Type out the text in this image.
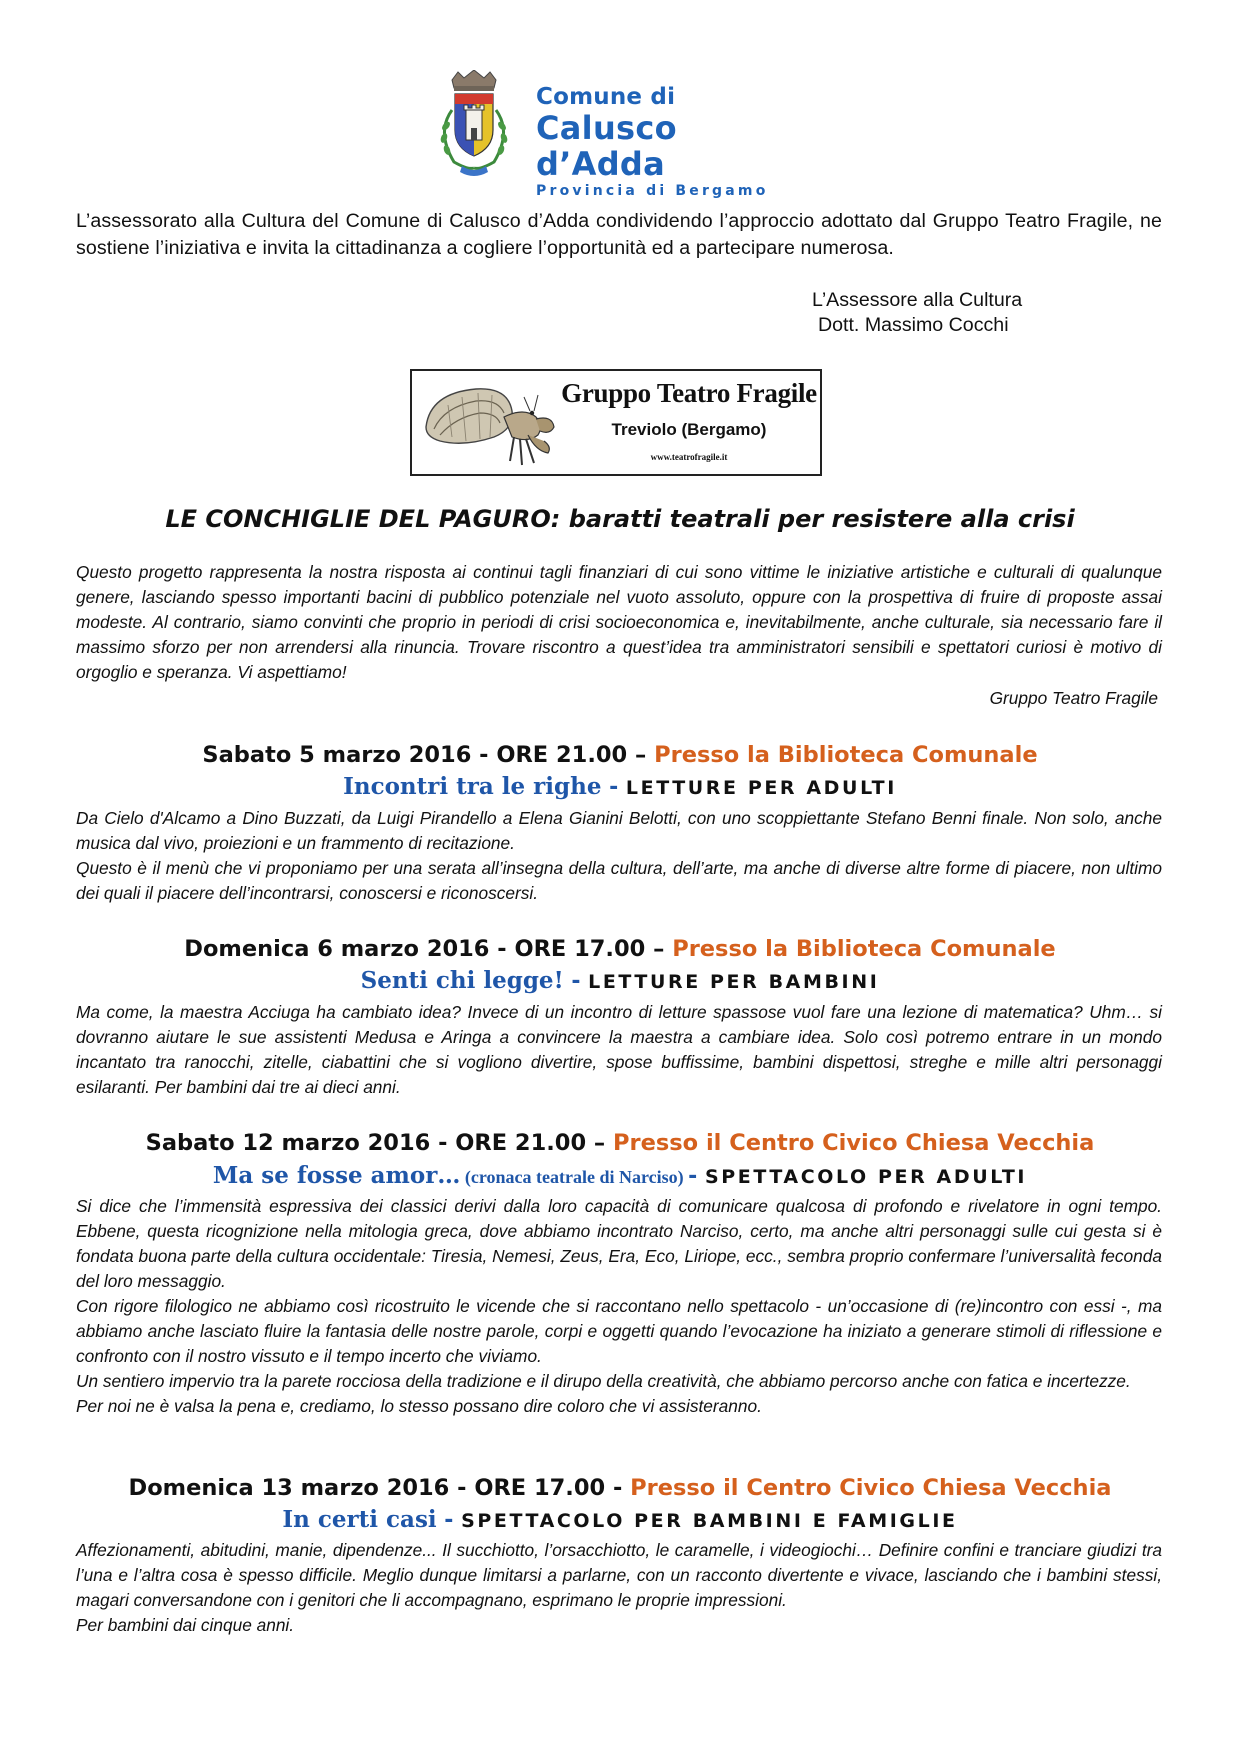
Comune di
Calusco d’Adda
Provincia di Bergamo
L’assessorato alla Cultura del Comune di Calusco d’Adda condividendo l’approccio adottato dal Gruppo Teatro Fragile, ne sostiene l’iniziativa e invita la cittadinanza a cogliere l’opportunità ed a partecipare numerosa.
L’Assessore alla Cultura
Dott. Massimo Cocchi
Gruppo Teatro Fragile
Treviolo (Bergamo)
www.teatrofragile.it
LE CONCHIGLIE DEL PAGURO: baratti teatrali per resistere alla crisi
Questo progetto rappresenta la nostra risposta ai continui tagli finanziari di cui sono vittime le iniziative artistiche e culturali di qualunque genere, lasciando spesso importanti bacini di pubblico potenziale nel vuoto assoluto, oppure con la prospettiva di fruire di proposte assai modeste. Al contrario, siamo convinti che proprio in periodi di crisi socioeconomica e, inevitabilmente, anche culturale, sia necessario fare il massimo sforzo per non arrendersi alla rinuncia. Trovare riscontro a quest’idea tra amministratori sensibili e spettatori curiosi è motivo di orgoglio e speranza. Vi aspettiamo!
Gruppo Teatro Fragile
Sabato 5 marzo 2016 - ORE 21.00 – Presso la Biblioteca Comunale
Incontri tra le righe - LETTURE PER ADULTI

Da Cielo d'Alcamo a Dino Buzzati, da Luigi Pirandello a Elena Gianini Belotti, con uno scoppiettante Stefano Benni finale. Non solo, anche musica dal vivo, proiezioni e un frammento di recitazione.

Questo è il menù che vi proponiamo per una serata all’insegna della cultura, dell’arte, ma anche di diverse altre forme di piacere, non ultimo dei quali il piacere dell’incontrarsi, conoscersi e riconoscersi.

Domenica 6 marzo 2016 - ORE 17.00 – Presso la Biblioteca Comunale
Senti chi legge! - LETTURE PER BAMBINI

Ma come, la maestra Acciuga ha cambiato idea? Invece di un incontro di letture spassose vuol fare una lezione di matematica? Uhm… si dovranno aiutare le sue assistenti Medusa e Aringa a convincere la maestra a cambiare idea. Solo così potremo entrare in un mondo incantato tra ranocchi, zitelle, ciabattini che si vogliono divertire, spose buffissime, bambini dispettosi, streghe e mille altri personaggi esilaranti. Per bambini dai tre ai dieci anni.

Sabato 12 marzo 2016 - ORE 21.00 – Presso il Centro Civico Chiesa Vecchia
Ma se fosse amor… (cronaca teatrale di Narciso) - SPETTACOLO PER ADULTI

Si dice che l’immensità espressiva dei classici derivi dalla loro capacità di comunicare qualcosa di profondo e rivelatore in ogni tempo. Ebbene, questa ricognizione nella mitologia greca, dove abbiamo incontrato Narciso, certo, ma anche altri personaggi sulle cui gesta si è fondata buona parte della cultura occidentale: Tiresia, Nemesi, Zeus, Era, Eco, Liriope, ecc., sembra proprio confermare l’universalità feconda del loro messaggio.

Con rigore filologico ne abbiamo così ricostruito le vicende che si raccontano nello spettacolo - un’occasione di (re)incontro con essi -, ma abbiamo anche lasciato fluire la fantasia delle nostre parole, corpi e oggetti quando l’evocazione ha iniziato a generare stimoli di riflessione e confronto con il nostro vissuto e il tempo incerto che viviamo.

Un sentiero impervio tra la parete rocciosa della tradizione e il dirupo della creatività, che abbiamo percorso anche con fatica e incertezze.

Per noi ne è valsa la pena e, crediamo, lo stesso possano dire coloro che vi assisteranno.

Domenica 13 marzo 2016 - ORE 17.00 - Presso il Centro Civico Chiesa Vecchia
In certi casi - SPETTACOLO PER BAMBINI E FAMIGLIE

Affezionamenti, abitudini, manie, dipendenze... Il succhiotto, l’orsacchiotto, le caramelle, i videogiochi… Definire confini e tranciare giudizi tra l’una e l’altra cosa è spesso difficile. Meglio dunque limitarsi a parlarne, con un racconto divertente e vivace, lasciando che i bambini stessi, magari conversandone con i genitori che li accompagnano, esprimano le proprie impressioni.

Per bambini dai cinque anni.
